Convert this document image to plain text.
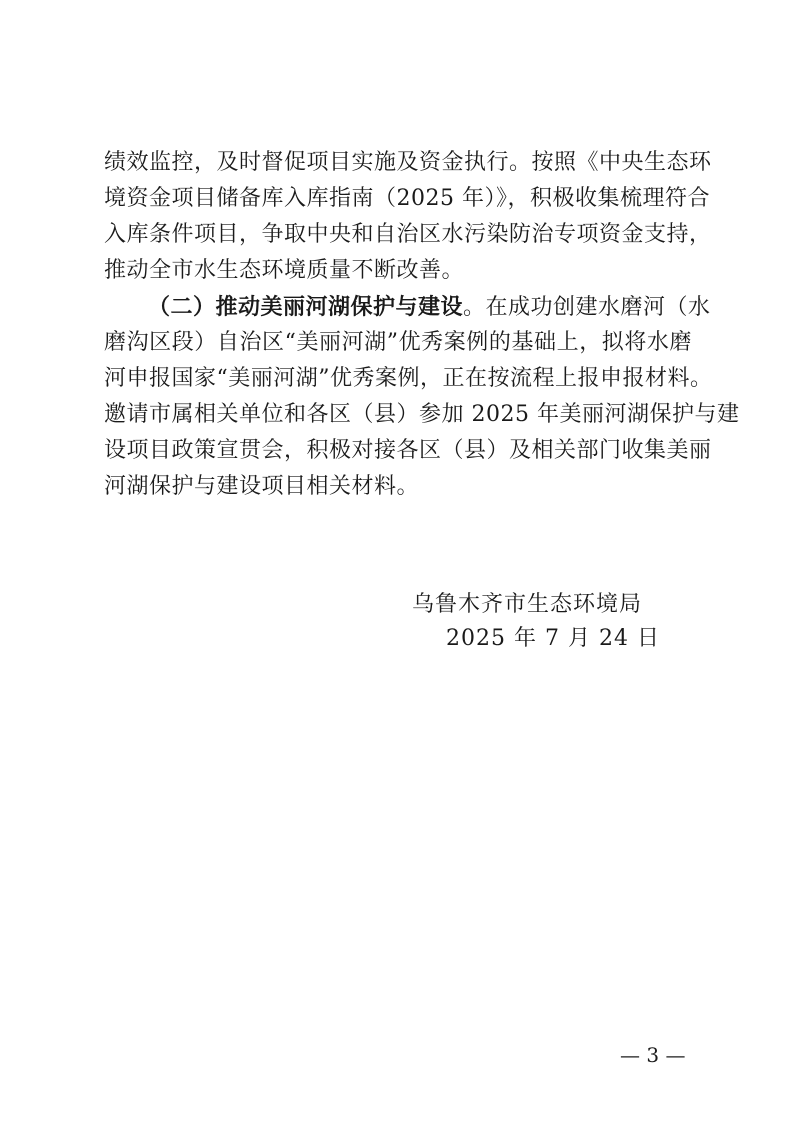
绩效监控，及时督促项目实施及资金执行。按照《中央生态环
境资金项目储备库入库指南（2025 年）》，积极收集梳理符合
入库条件项目，争取中央和自治区水污染防治专项资金支持，
推动全市水生态环境质量不断改善。
（二）推动美丽河湖保护与建设。在成功创建水磨河（水
磨沟区段）自治区“美丽河湖”优秀案例的基础上，拟将水磨
河申报国家“美丽河湖”优秀案例，正在按流程上报申报材料。
邀请市属相关单位和各区（县）参加 2025 年美丽河湖保护与建
设项目政策宣贯会，积极对接各区（县）及相关部门收集美丽
河湖保护与建设项目相关材料。
乌鲁木齐市生态环境局
2025 年 7 月 24 日
— 3 —
